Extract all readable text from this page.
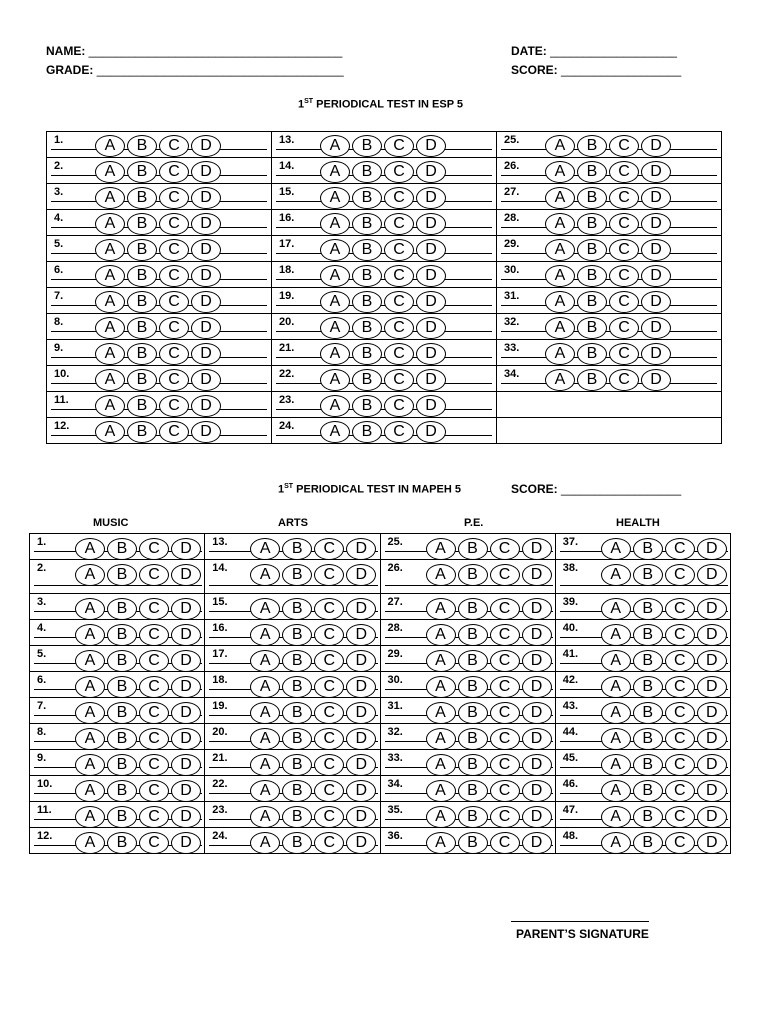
NAME: ______________________________________
GRADE: _____________________________________
DATE: ___________________
SCORE: __________________
1ST PERIODICAL TEST IN ESP 5
1. A B C D	13. A B C D	25. A B C D

2. A B C D	14. A B C D	26. A B C D

3. A B C D	15. A B C D	27. A B C D

4. A B C D	16. A B C D	28. A B C D

5. A B C D	17. A B C D	29. A B C D

6. A B C D	18. A B C D	30. A B C D

7. A B C D	19. A B C D	31. A B C D

8. A B C D	20. A B C D	32. A B C D

9. A B C D	21. A B C D	33. A B C D

10. A B C D	22. A B C D	34. A B C D

11. A B C D	23. A B C D	

12. A B C D	24. A B C D	

1ST PERIODICAL TEST IN MAPEH 5	SCORE: __________________
MUSIC	ARTS	P.E.	HEALTH
1. A B C D	13. A B C D	25. A B C D	37. A B C D

2. A B C D	14. A B C D	26. A B C D	38. A B C D

3. A B C D	15. A B C D	27. A B C D	39. A B C D

4. A B C D	16. A B C D	28. A B C D	40. A B C D

5. A B C D	17. A B C D	29. A B C D	41. A B C D

6. A B C D	18. A B C D	30. A B C D	42. A B C D

7. A B C D	19. A B C D	31. A B C D	43. A B C D

8. A B C D	20. A B C D	32. A B C D	44. A B C D

9. A B C D	21. A B C D	33. A B C D	45. A B C D

10. A B C D	22. A B C D	34. A B C D	46. A B C D

11. A B C D	23. A B C D	35. A B C D	47. A B C D

12. A B C D	24. A B C D	36. A B C D	48. A B C D
PARENT’S SIGNATURE
